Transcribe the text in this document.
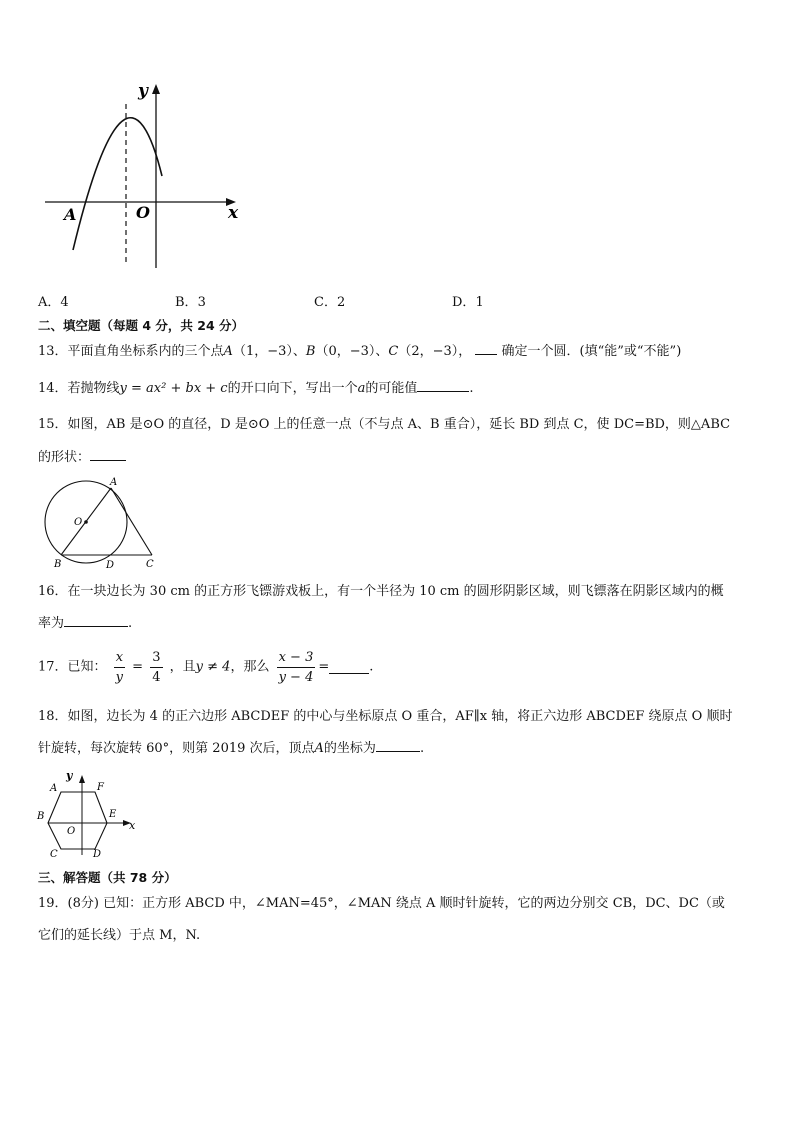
y
x
A	O
A．4	B．3	C．2	D．1
二、填空题（每题 4 分，共 24 分）
13．平面直角坐标系内的三个点A（1，−3）、B（0，−3）、C（2，−3）， 确定一个圆．(填“能”或“不能”)
14．若抛物线y = ax² + bx + c的开口向下，写出一个a的可能值	.
15．如图，AB 是⊙O 的直径，D 是⊙O 上的任意一点（不与点 A、B 重合），延长 BD 到点 C，使 DC=BD，则△ABC
的形状：
A
O
B	D	C
16．在一块边长为 30 cm 的正方形飞镖游戏板上，有一个半径为 10 cm 的圆形阴影区域，则飞镖落在阴影区域内的概
率为	.
17．已知： $\frac{x}{y} = \frac{3}{4}$ ，且y ≠ 4，那么 $\frac{x - 3}{y - 4}$ =	.
18．如图，边长为 4 的正六边形 ABCDEF 的中心与坐标原点 O 重合，AF∥x 轴，将正六边形 ABCDEF 绕原点 O 顺时
针旋转，每次旋转 60°，则第 2019 次后，顶点A的坐标为	.
y
x
A	F
B	E
O
C	D
三、解答题（共 78 分）
19．(8分) 已知：正方形 ABCD 中，∠MAN=45°，∠MAN 绕点 A 顺时针旋转，它的两边分别交 CB，DC、DC（或
它们的延长线）于点 M，N.
